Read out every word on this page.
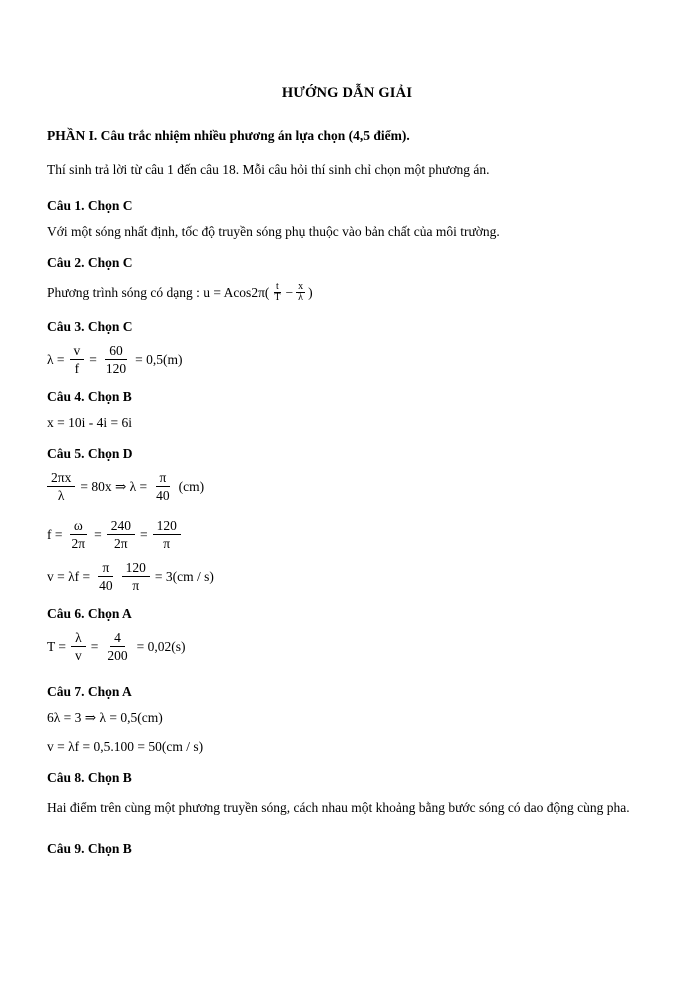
HƯỚNG DẪN GIẢI
PHẦN I. Câu trắc nhiệm nhiều phương án lựa chọn (4,5 điểm).
Thí sinh trả lời từ câu 1 đến câu 18. Mỗi câu hỏi thí sinh chỉ chọn một phương án.
Câu 1. Chọn C
Với một sóng nhất định, tốc độ truyền sóng phụ thuộc vào bản chất của môi trường.
Câu 2. Chọn C
Phương trình sóng có dạng : $u = Acos2\pi( \frac{t}{T} - \frac{x}{\lambda}$ )
Câu 3. Chọn C
$\lambda = \frac{v}{f} = \frac{60}{120} = 0,5(m)$
Câu 4. Chọn B
x = 10i - 4i = 6i
Câu 5. Chọn D
$\frac{2\pi x}{\lambda} = 80x$ ⇒ $\lambda = \frac{\pi}{40} (cm)$
$f = \frac{\omega}{2\pi} = \frac{240}{2\pi} = \frac{120}{\pi}$
$v = \lambda f = \frac{\pi}{40} \frac{120}{\pi} = 3(cm / s)$
Câu 6. Chọn A
$T = \frac{\lambda}{v} = \frac{4}{200} = 0,02(s)$
Câu 7. Chọn A
6λ = 3 ⇒ λ = 0,5(cm)
v = λf = 0,5.100 = 50(cm / s)
Câu 8. Chọn B
Hai điểm trên cùng một phương truyền sóng, cách nhau một khoảng bằng bước sóng có dao động cùng pha.
Câu 9. Chọn B
